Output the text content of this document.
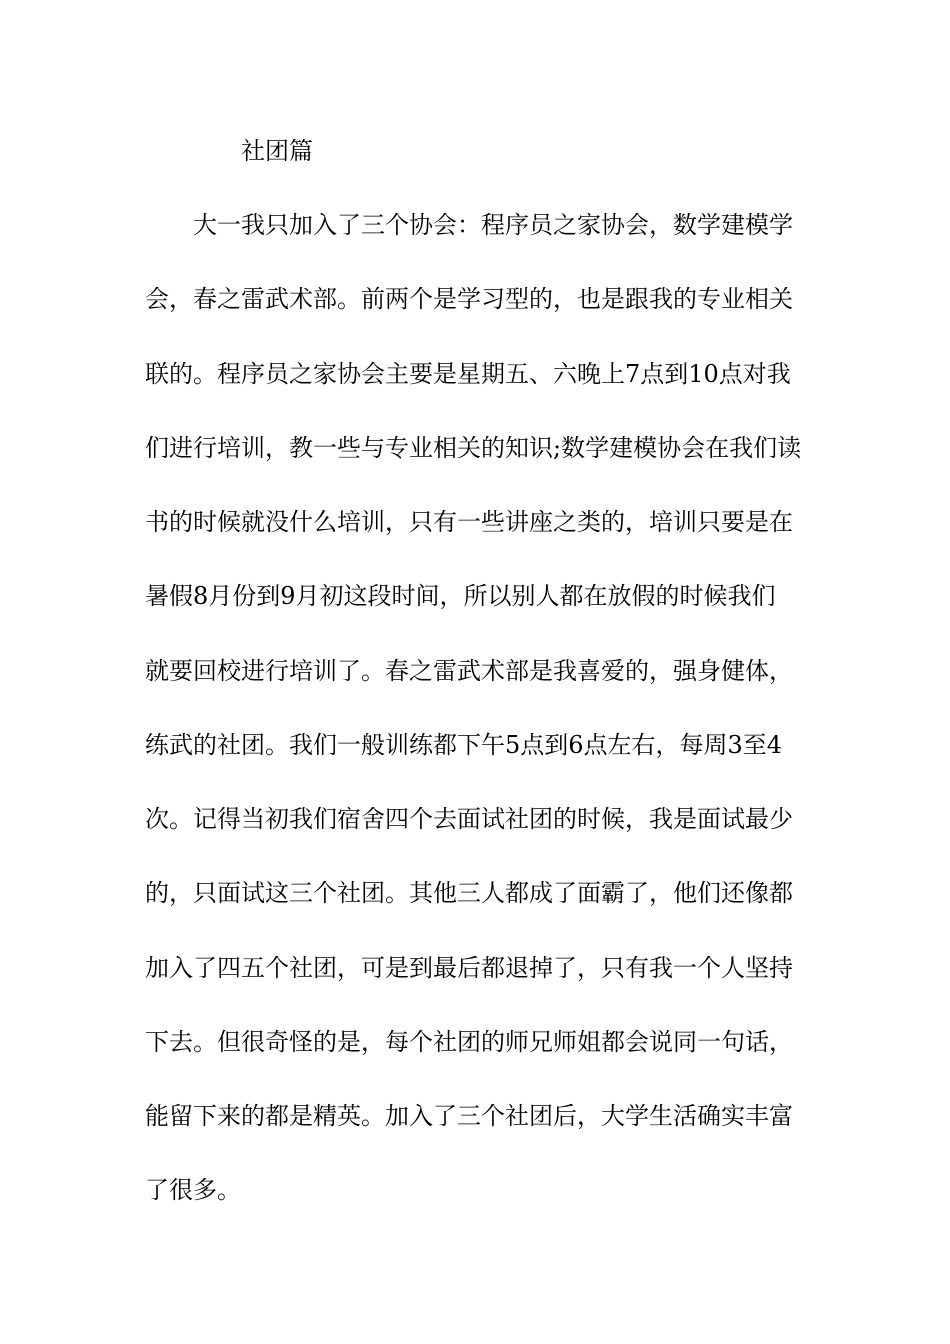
社团篇
大一我只加入了三个协会：程序员之家协会，数学建模学
会，春之雷武术部。前两个是学习型的，也是跟我的专业相关
联的。程序员之家协会主要是星期五、六晚上7点到10点对我
们进行培训，教一些与专业相关的知识;数学建模协会在我们读
书的时候就没什么培训，只有一些讲座之类的，培训只要是在
暑假8月份到9月初这段时间，所以别人都在放假的时候我们
就要回校进行培训了。春之雷武术部是我喜爱的，强身健体，
练武的社团。我们一般训练都下午5点到6点左右，每周3至4
次。记得当初我们宿舍四个去面试社团的时候，我是面试最少
的，只面试这三个社团。其他三人都成了面霸了，他们还像都
加入了四五个社团，可是到最后都退掉了，只有我一个人坚持
下去。但很奇怪的是，每个社团的师兄师姐都会说同一句话，
能留下来的都是精英。加入了三个社团后，大学生活确实丰富
了很多。
